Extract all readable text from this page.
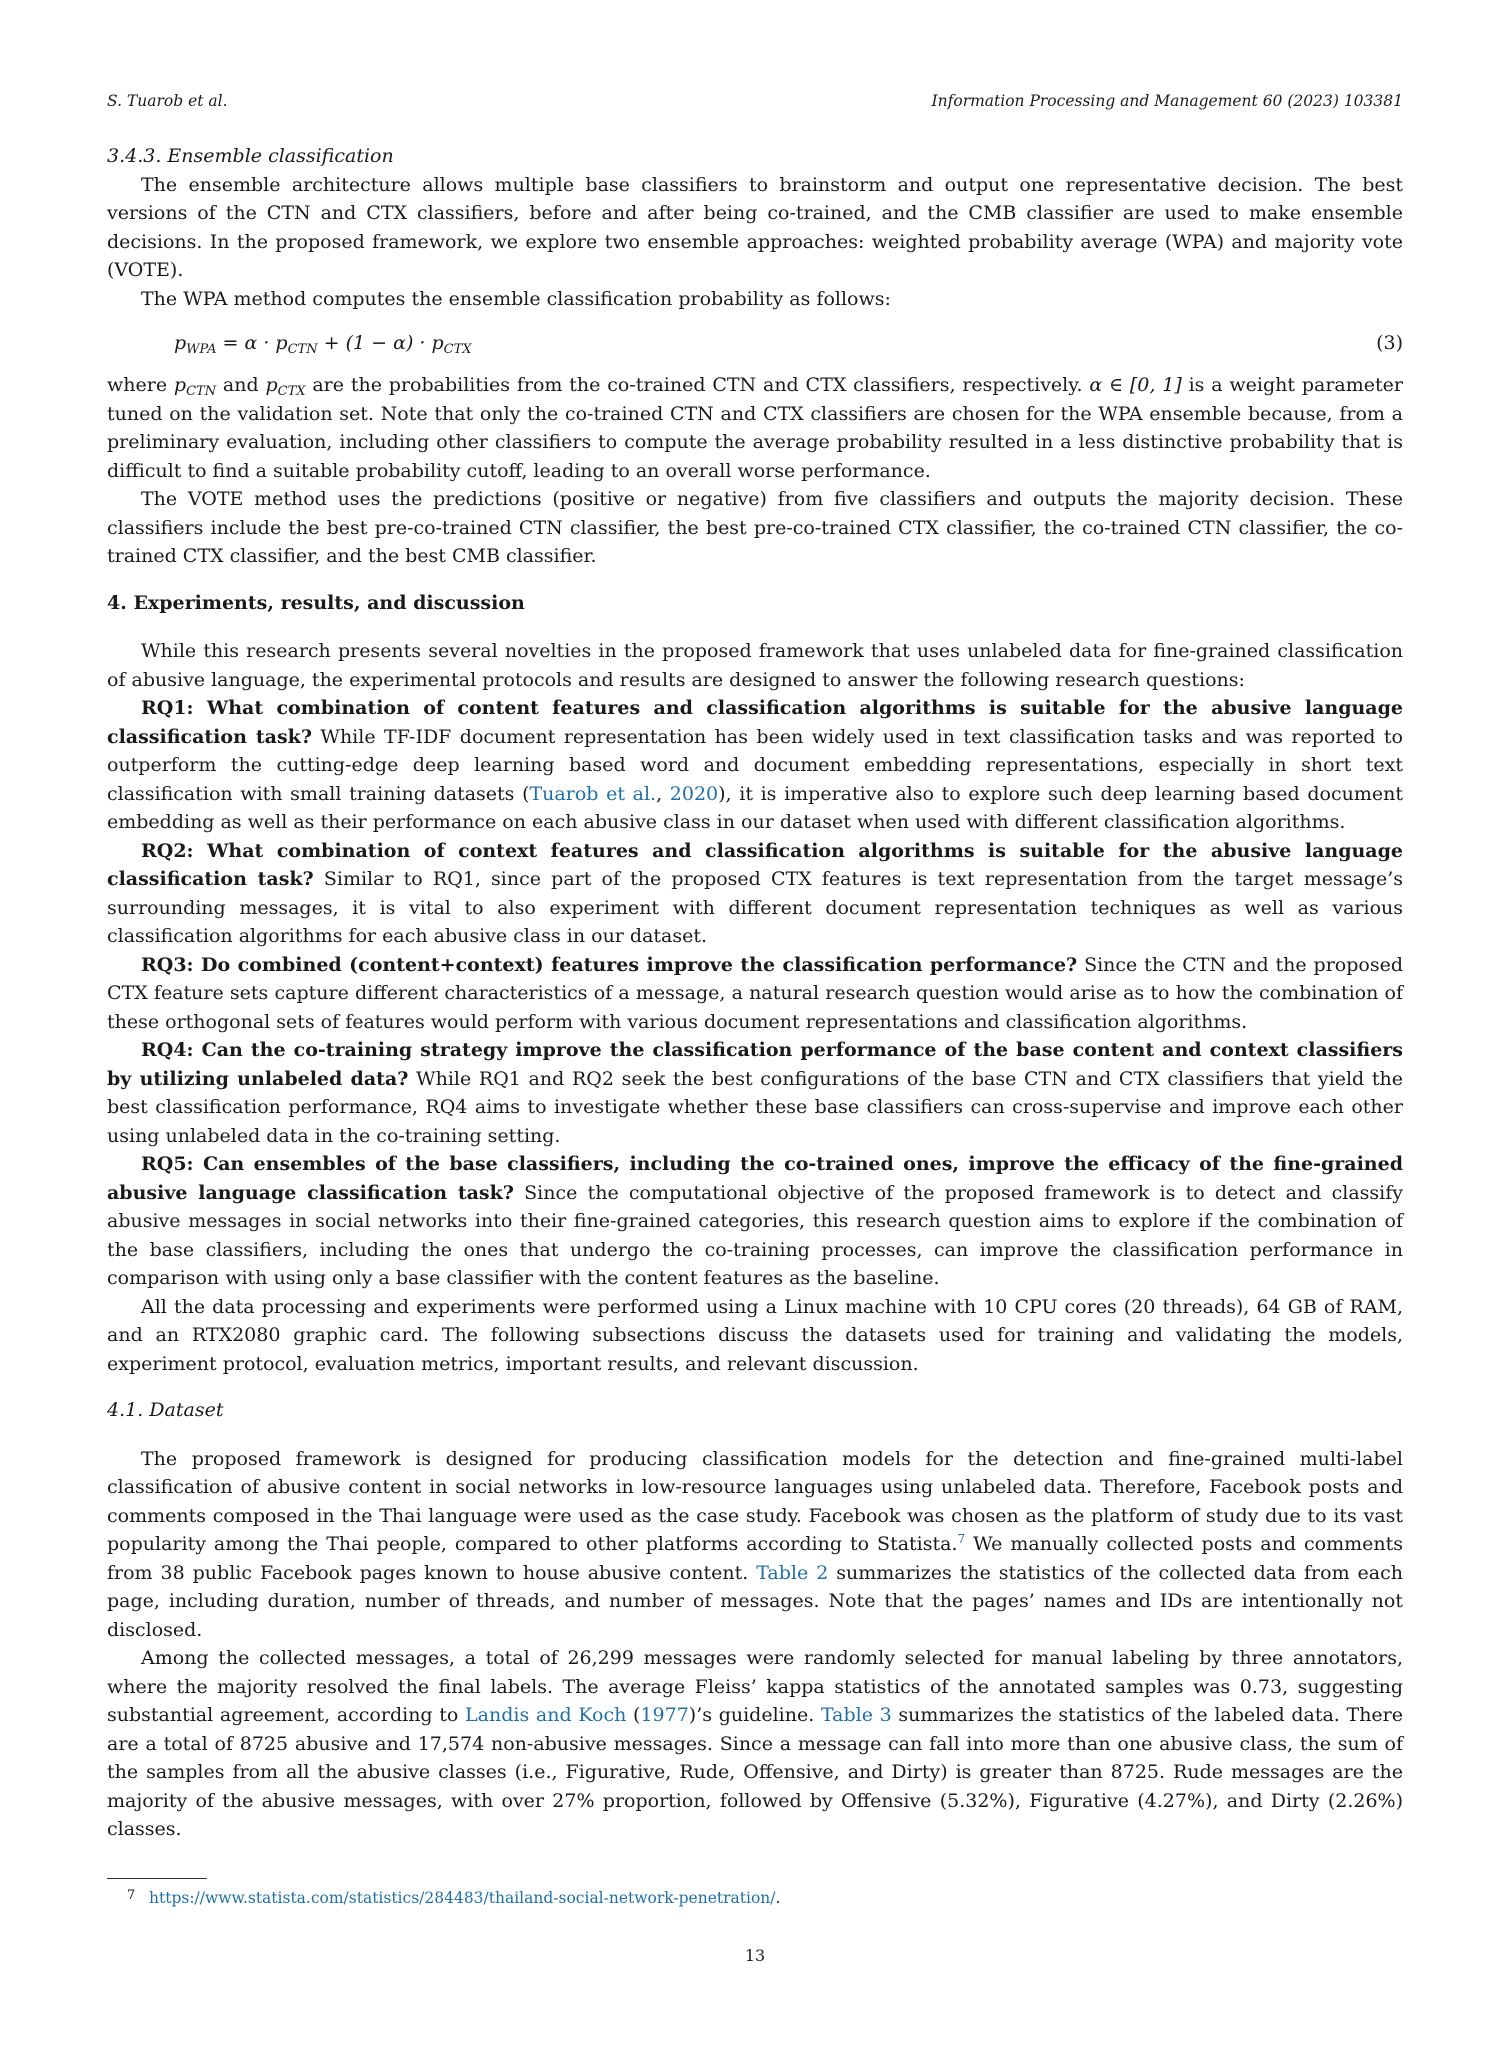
S. Tuarob et al.	Information Processing and Management 60 (2023) 103381

3.4.3. Ensemble classification

The ensemble architecture allows multiple base classifiers to brainstorm and output one representative decision. The best versions of the CTN and CTX classifiers, before and after being co-trained, and the CMB classifier are used to make ensemble decisions. In the proposed framework, we explore two ensemble approaches: weighted probability average (WPA) and majority vote (VOTE).

The WPA method computes the ensemble classification probability as follows:

$p_{WPA} = \alpha \cdot p_{CTN} + (1 - \alpha) \cdot p_{CTX}$	(3)

where $p_{CTN}$ and $p_{CTX}$ are the probabilities from the co-trained CTN and CTX classifiers, respectively. α ∈ [0, 1] is a weight parameter tuned on the validation set. Note that only the co-trained CTN and CTX classifiers are chosen for the WPA ensemble because, from a preliminary evaluation, including other classifiers to compute the average probability resulted in a less distinctive probability that is difficult to find a suitable probability cutoff, leading to an overall worse performance.

The VOTE method uses the predictions (positive or negative) from five classifiers and outputs the majority decision. These classifiers include the best pre-co-trained CTN classifier, the best pre-co-trained CTX classifier, the co-trained CTN classifier, the co-trained CTX classifier, and the best CMB classifier.

4. Experiments, results, and discussion

While this research presents several novelties in the proposed framework that uses unlabeled data for fine-grained classification of abusive language, the experimental protocols and results are designed to answer the following research questions:

RQ1: What combination of content features and classification algorithms is suitable for the abusive language classification task? While TF-IDF document representation has been widely used in text classification tasks and was reported to outperform the cutting-edge deep learning based word and document embedding representations, especially in short text classification with small training datasets (Tuarob et al., 2020), it is imperative also to explore such deep learning based document embedding as well as their performance on each abusive class in our dataset when used with different classification algorithms.

RQ2: What combination of context features and classification algorithms is suitable for the abusive language classification task? Similar to RQ1, since part of the proposed CTX features is text representation from the target message’s surrounding messages, it is vital to also experiment with different document representation techniques as well as various classification algorithms for each abusive class in our dataset.

RQ3: Do combined (content+context) features improve the classification performance? Since the CTN and the proposed CTX feature sets capture different characteristics of a message, a natural research question would arise as to how the combination of these orthogonal sets of features would perform with various document representations and classification algorithms.

RQ4: Can the co-training strategy improve the classification performance of the base content and context classifiers by utilizing unlabeled data? While RQ1 and RQ2 seek the best configurations of the base CTN and CTX classifiers that yield the best classification performance, RQ4 aims to investigate whether these base classifiers can cross-supervise and improve each other using unlabeled data in the co-training setting.

RQ5: Can ensembles of the base classifiers, including the co-trained ones, improve the efficacy of the fine-grained abusive language classification task? Since the computational objective of the proposed framework is to detect and classify abusive messages in social networks into their fine-grained categories, this research question aims to explore if the combination of the base classifiers, including the ones that undergo the co-training processes, can improve the classification performance in comparison with using only a base classifier with the content features as the baseline.

All the data processing and experiments were performed using a Linux machine with 10 CPU cores (20 threads), 64 GB of RAM, and an RTX2080 graphic card. The following subsections discuss the datasets used for training and validating the models, experiment protocol, evaluation metrics, important results, and relevant discussion.

4.1. Dataset

The proposed framework is designed for producing classification models for the detection and fine-grained multi-label classification of abusive content in social networks in low-resource languages using unlabeled data. Therefore, Facebook posts and comments composed in the Thai language were used as the case study. Facebook was chosen as the platform of study due to its vast popularity among the Thai people, compared to other platforms according to Statista.$^7$ We manually collected posts and comments from 38 public Facebook pages known to house abusive content. Table 2 summarizes the statistics of the collected data from each page, including duration, number of threads, and number of messages. Note that the pages’ names and IDs are intentionally not disclosed.

Among the collected messages, a total of 26,299 messages were randomly selected for manual labeling by three annotators, where the majority resolved the final labels. The average Fleiss’ kappa statistics of the annotated samples was 0.73, suggesting substantial agreement, according to Landis and Koch (1977)’s guideline. Table 3 summarizes the statistics of the labeled data. There are a total of 8725 abusive and 17,574 non-abusive messages. Since a message can fall into more than one abusive class, the sum of the samples from all the abusive classes (i.e., Figurative, Rude, Offensive, and Dirty) is greater than 8725. Rude messages are the majority of the abusive messages, with over 27% proportion, followed by Offensive (5.32%), Figurative (4.27%), and Dirty (2.26%) classes.

7 https://www.statista.com/statistics/284483/thailand-social-network-penetration/.
13
